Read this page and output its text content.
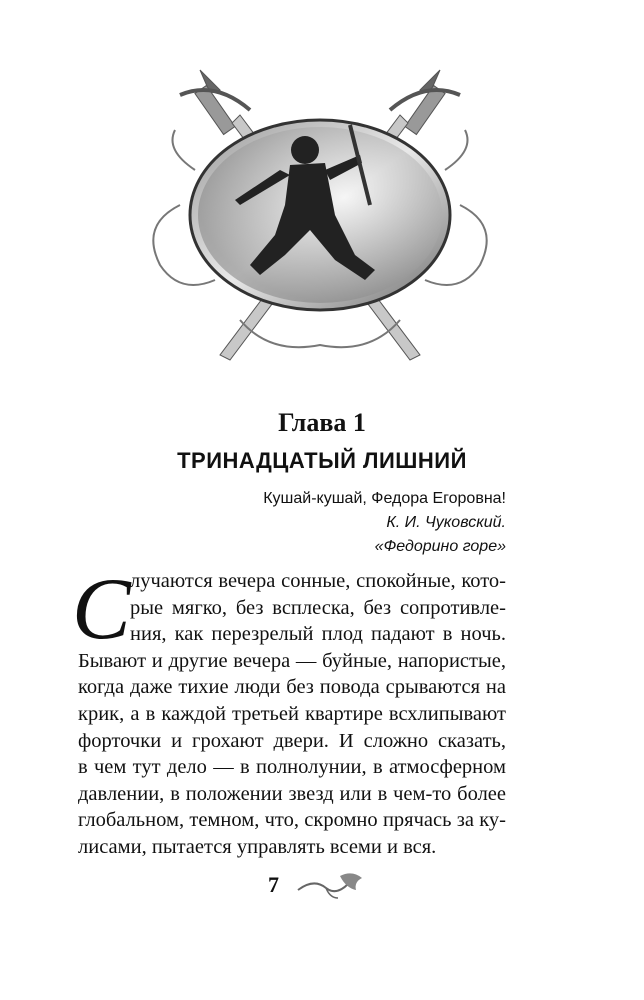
Глава 1
ТРИНАДЦАТЫЙ ЛИШНИЙ
Кушай-кушай, Федора Егоровна!
К. И. Чуковский.
«Федорино горе»
С лучаются вечера сонные, спокойные, кото-
рые мягко, без всплеска, без сопротивле-
ния, как перезрелый плод падают в ночь.
Бывают и другие вечера — буйные, напористые,
когда даже тихие люди без повода срываются на
крик, а в каждой третьей квартире всхлипывают
форточки и грохают двери. И сложно сказать,
в чем тут дело — в полнолунии, в атмосферном
давлении, в положении звезд или в чем-то более
глобальном, темном, что, скромно прячась за ку-
лисами, пытается управлять всеми и вся.
7
